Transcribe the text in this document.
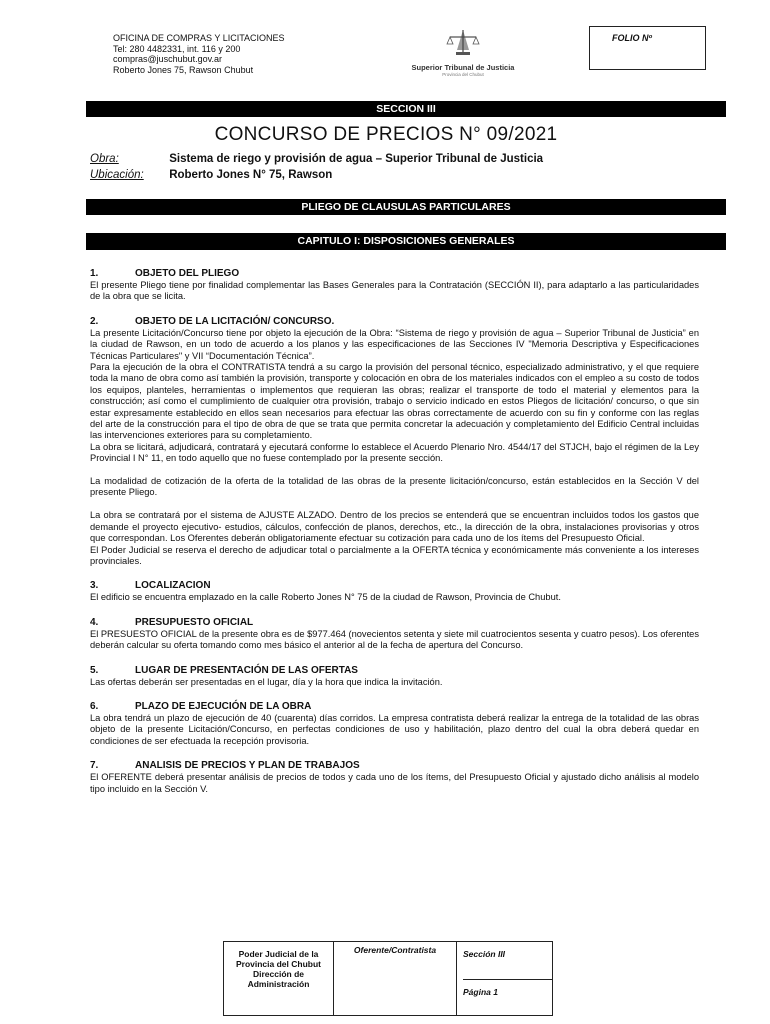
OFICINA DE COMPRAS Y LICITACIONES
Tel: 280 4482331, int. 116 y 200
compras@juschubut.gov.ar
Roberto Jones 75, Rawson Chubut	Superior Tribunal de Justicia
Provincia del Chubut
FOLIO Nº
SECCION III
CONCURSO DE PRECIOS N° 09/2021
Obra:	Sistema de riego y provisión de agua – Superior Tribunal de Justicia
Ubicación: Roberto Jones N° 75, Rawson
PLIEGO DE CLAUSULAS PARTICULARES
CAPITULO I: DISPOSICIONES GENERALES
1.	OBJETO DEL PLIEGO

El presente Pliego tiene por finalidad complementar las Bases Generales para la Contratación (SECCIÓN II), para adaptarlo a las particularidades de la obra que se licita.

2.	OBJETO DE LA LICITACIÓN/ CONCURSO.

La presente Licitación/Concurso tiene por objeto la ejecución de la Obra: “Sistema de riego y provisión de agua – Superior Tribunal de Justicia” en la ciudad de Rawson, en un todo de acuerdo a los planos y las especificaciones de las Secciones IV "Memoria Descriptiva y Especificaciones Técnicas Particulares" y VII “Documentación Técnica”.

Para la ejecución de la obra el CONTRATISTA tendrá a su cargo la provisión del personal técnico, especializado administrativo, y el que requiere toda la mano de obra como así también la provisión, transporte y colocación en obra de los materiales indicados con el empleo a su costo de todos los equipos, planteles, herramientas o implementos que requieran las obras; realizar el transporte de todo el material y elementos para la construcción; así como el cumplimiento de cualquier otra provisión, trabajo o servicio indicado en estos Pliegos de licitación/ concurso, o que sin estar expresamente establecido en ellos sean necesarios para efectuar las obras correctamente de acuerdo con su fin y conforme con las reglas del arte de la construcción para el tipo de obra de que se trata que permita concretar la adecuación y completamiento del Edificio Central incluidas las intervenciones exteriores para su completamiento.

La obra se licitará, adjudicará, contratará y ejecutará conforme lo establece el Acuerdo Plenario Nro. 4544/17 del STJCH, bajo el régimen de la Ley Provincial I N° 11, en todo aquello que no fuese contemplado por la presente sección.

La modalidad de cotización de la oferta de la totalidad de las obras de la presente licitación/concurso, están establecidos en la Sección V del presente Pliego.

La obra se contratará por el sistema de AJUSTE ALZADO. Dentro de los precios se entenderá que se encuentran incluidos todos los gastos que demande el proyecto ejecutivo- estudios, cálculos, confección de planos, derechos, etc., la dirección de la obra, instalaciones provisorias y otros que correspondan. Los Oferentes deberán obligatoriamente efectuar su cotización para cada uno de los ítems del Presupuesto Oficial.

El Poder Judicial se reserva el derecho de adjudicar total o parcialmente a la OFERTA técnica y económicamente más conveniente a los intereses provinciales.

3.	LOCALIZACION

El edificio se encuentra emplazado en la calle Roberto Jones N° 75 de la ciudad de Rawson, Provincia de Chubut.

4.	PRESUPUESTO OFICIAL

El PRESUESTO OFICIAL de la presente obra es de $977.464 (novecientos setenta y siete mil cuatrocientos sesenta y cuatro pesos). Los oferentes deberán calcular su oferta tomando como mes básico el anterior al de la fecha de apertura del Concurso.

5.	LUGAR DE PRESENTACIÓN DE LAS OFERTAS

Las ofertas deberán ser presentadas en el lugar, día y la hora que indica la invitación.

6.	PLAZO DE EJECUCIÓN DE LA OBRA

La obra tendrá un plazo de ejecución de 40 (cuarenta) días corridos. La empresa contratista deberá realizar la entrega de la totalidad de las obras objeto de la presente Licitación/Concurso, en perfectas condiciones de uso y habilitación, plazo dentro del cual la obra deberá quedar en condiciones de ser efectuada la recepción provisoria.

7.	ANALISIS DE PRECIOS Y PLAN DE TRABAJOS

El OFERENTE deberá presentar análisis de precios de todos y cada uno de los ítems, del Presupuesto Oficial y ajustado dicho análisis al modelo tipo incluido en la Sección V.

Poder Judicial de la
Provincia del Chubut
Dirección de
Administración
Oferente/Contratista	Sección III
Página 1
